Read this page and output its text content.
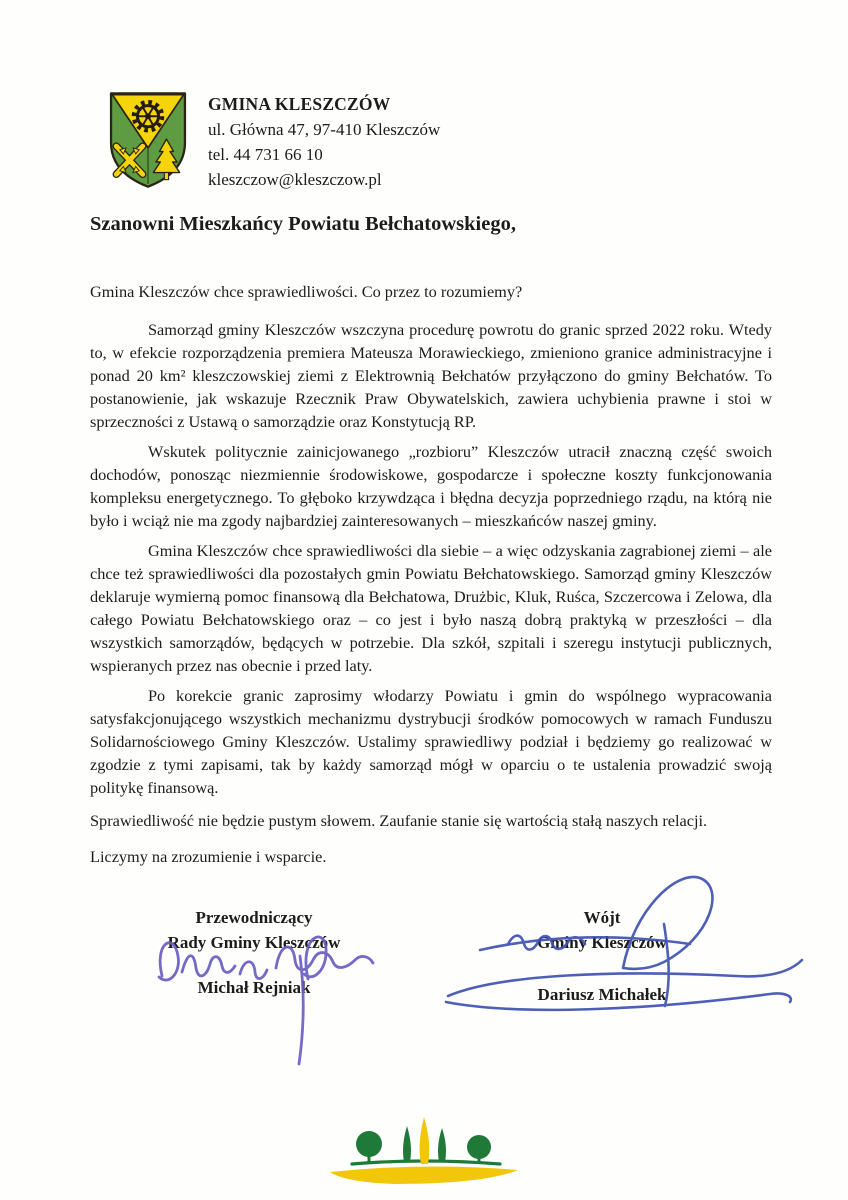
GMINA KLESZCZÓW
ul. Główna 47, 97-410 Kleszczów
tel. 44 731 66 10
kleszczow@kleszczow.pl
Szanowni Mieszkańcy Powiatu Bełchatowskiego,

Gmina Kleszczów chce sprawiedliwości. Co przez to rozumiemy?

Samorząd gminy Kleszczów wszczyna procedurę powrotu do granic sprzed 2022 roku. Wtedy to, w efekcie rozporządzenia premiera Mateusza Morawieckiego, zmieniono granice administracyjne i ponad 20 km² kleszczowskiej ziemi z Elektrownią Bełchatów przyłączono do gminy Bełchatów. To postanowienie, jak wskazuje Rzecznik Praw Obywatelskich, zawiera uchybienia prawne i stoi w sprzeczności z Ustawą o samorządzie oraz Konstytucją RP.

Wskutek politycznie zainicjowanego „rozbioru” Kleszczów utracił znaczną część swoich dochodów, ponosząc niezmiennie środowiskowe, gospodarcze i społeczne koszty funkcjonowania kompleksu energetycznego. To głęboko krzywdząca i błędna decyzja poprzedniego rządu, na którą nie było i wciąż nie ma zgody najbardziej zainteresowanych – mieszkańców naszej gminy.

Gmina Kleszczów chce sprawiedliwości dla siebie – a więc odzyskania zagrabionej ziemi – ale chce też sprawiedliwości dla pozostałych gmin Powiatu Bełchatowskiego. Samorząd gminy Kleszczów deklaruje wymierną pomoc finansową dla Bełchatowa, Drużbic, Kluk, Ruśca, Szczercowa i Zelowa, dla całego Powiatu Bełchatowskiego oraz – co jest i było naszą dobrą praktyką w przeszłości – dla wszystkich samorządów, będących w potrzebie. Dla szkół, szpitali i szeregu instytucji publicznych, wspieranych przez nas obecnie i przed laty.

Po korekcie granic zaprosimy włodarzy Powiatu i gmin do wspólnego wypracowania satysfakcjonującego wszystkich mechanizmu dystrybucji środków pomocowych w ramach Funduszu Solidarnościowego Gminy Kleszczów. Ustalimy sprawiedliwy podział i będziemy go realizować w zgodzie z tymi zapisami, tak by każdy samorząd mógł w oparciu o te ustalenia prowadzić swoją politykę finansową.

Sprawiedliwość nie będzie pustym słowem. Zaufanie stanie się wartością stałą naszych relacji.

Liczymy na zrozumienie i wsparcie.

Przewodniczący
Rady Gminy Kleszczów
Michał Rejniak
Wójt
Gminy Kleszczów
Dariusz Michałek
